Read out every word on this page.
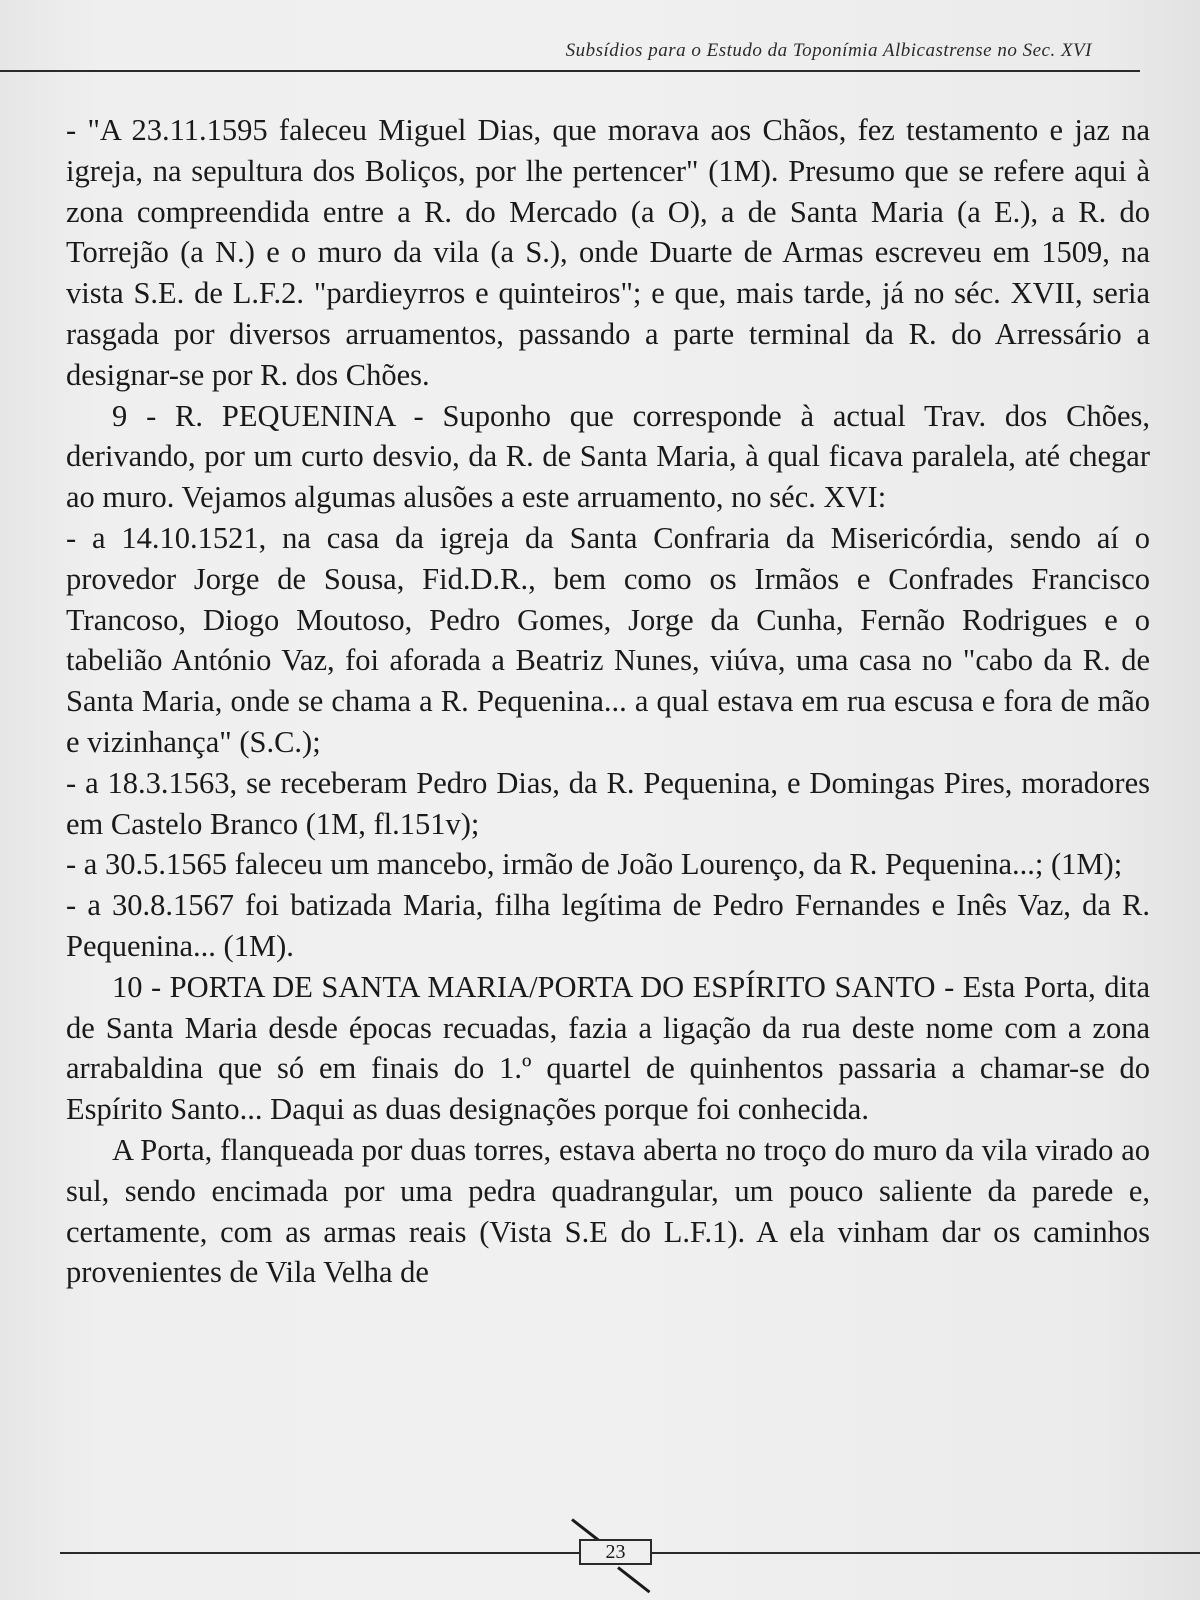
Subsídios para o Estudo da Toponímia Albicastrense no Sec. XVI

- "A 23.11.1595 faleceu Miguel Dias, que morava aos Chãos, fez testamento e jaz na igreja, na sepultura dos Boliços, por lhe pertencer" (1M). Presumo que se refere aqui à zona compreendida entre a R. do Mercado (a O), a de Santa Maria (a E.), a R. do Torrejão (a N.) e o muro da vila (a S.), onde Duarte de Armas escreveu em 1509, na vista S.E. de L.F.2. "pardieyrros e quinteiros"; e que, mais tarde, já no séc. XVII, seria rasgada por diversos arruamentos, passando a parte terminal da R. do Arressário a designar-se por R. dos Chões.

9 - R. PEQUENINA - Suponho que corresponde à actual Trav. dos Chões, derivando, por um curto desvio, da R. de Santa Maria, à qual ficava paralela, até chegar ao muro. Vejamos algumas alusões a este arruamento, no séc. XVI:

- a 14.10.1521, na casa da igreja da Santa Confraria da Misericórdia, sendo aí o provedor Jorge de Sousa, Fid.D.R., bem como os Irmãos e Confrades Francisco Trancoso, Diogo Moutoso, Pedro Gomes, Jorge da Cunha, Fernão Rodrigues e o tabelião António Vaz, foi aforada a Beatriz Nunes, viúva, uma casa no "cabo da R. de Santa Maria, onde se chama a R. Pequenina... a qual estava em rua escusa e fora de mão e vizinhança" (S.C.);

- a 18.3.1563, se receberam Pedro Dias, da R. Pequenina, e Domingas Pires, moradores em Castelo Branco (1M, fl.151v);

- a 30.5.1565 faleceu um mancebo, irmão de João Lourenço, da R. Pequenina...; (1M);

- a 30.8.1567 foi batizada Maria, filha legítima de Pedro Fernandes e Inês Vaz, da R. Pequenina... (1M).

10 - PORTA DE SANTA MARIA/PORTA DO ESPÍRITO SANTO - Esta Porta, dita de Santa Maria desde épocas recuadas, fazia a ligação da rua deste nome com a zona arrabaldina que só em finais do 1.º quartel de quinhentos passaria a chamar-se do Espírito Santo... Daqui as duas designações porque foi conhecida.

A Porta, flanqueada por duas torres, estava aberta no troço do muro da vila virado ao sul, sendo encimada por uma pedra quadrangular, um pouco saliente da parede e, certamente, com as armas reais (Vista S.E do L.F.1). A ela vinham dar os caminhos provenientes de Vila Velha de

23
